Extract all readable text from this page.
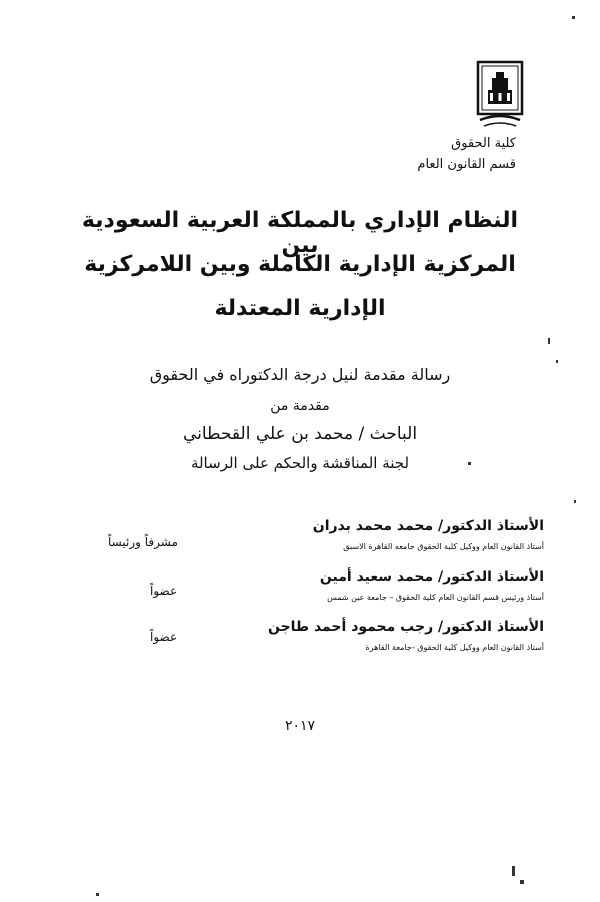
كلية الحقوق
قسم القانون العام
النظام الإداري بالمملكة العربية السعودية بين
المركزية الإدارية الكاملة وبين اللامركزية
الإدارية المعتدلة
رسالة مقدمة لنيل درجة الدكتوراه في الحقوق
مقدمة من
الباحث / محمد بن علي القحطاني
لجنة المناقشة والحكم على الرسالة
الأستاذ الدكتور/ محمد محمد بدران
أستاذ القانون العام ووكيل كلية الحقوق جامعه القاهرة الاسبق
مشرفاً ورئيساً
الأستاذ الدكتور/ محمد سعيد أمين
أستاذ ورئيس قسم القانون العام كلية الحقوق – جامعة عين شمس
عضواً
الأستاذ الدكتور/ رجب محمود أحمد طاجن
أستاذ القانون العام ووكيل كلية الحقوق -جامعة القاهرة
عضواً
٢٠١٧
